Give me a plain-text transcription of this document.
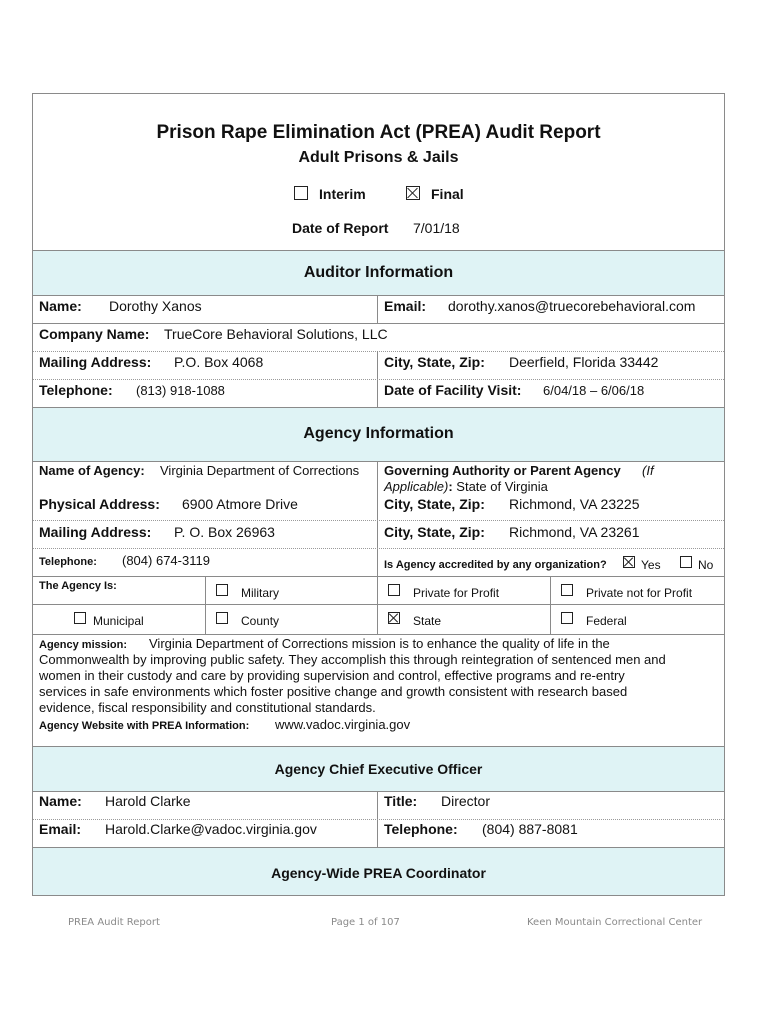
Prison Rape Elimination Act (PREA) Audit Report
Adult Prisons & Jails
Interim	Final
Date of Report 7/01/18
Auditor Information
Name: Dorothy Xanos	Email: dorothy.xanos@truecorebehavioral.com
Company Name: TrueCore Behavioral Solutions, LLC
Mailing Address: P.O. Box 4068	City, State, Zip: Deerfield, Florida 33442
Telephone: (813) 918-1088	Date of Facility Visit: 6/04/18 – 6/06/18
Agency Information
Name of Agency: Virginia Department of Corrections Governing Authority or Parent Agency (If
Applicable): State of Virginia
Physical Address: 6900 Atmore Drive	City, State, Zip: Richmond, VA 23225
Mailing Address: P. O. Box 26963	City, State, Zip: Richmond, VA 23261
Telephone: (804) 674-3119	Is Agency accredited by any organization?	Yes	No
The Agency Is:	Military	Private for Profit	Private not for Profit
Municipal	County	State	Federal
Agency mission: Virginia Department of Corrections mission is to enhance the quality of life in the
Commonwealth by improving public safety. They accomplish this through reintegration of sentenced men and
women in their custody and care by providing supervision and control, effective programs and re-entry
services in safe environments which foster positive change and growth consistent with research based
evidence, fiscal responsibility and constitutional standards.
Agency Website with PREA Information: www.vadoc.virginia.gov
Agency Chief Executive Officer
Name: Harold Clarke	Title: Director
Email: Harold.Clarke@vadoc.virginia.gov	Telephone: (804) 887-8081
Agency-Wide PREA Coordinator
PREA Audit Report	Page 1 of 107	Keen Mountain Correctional Center
